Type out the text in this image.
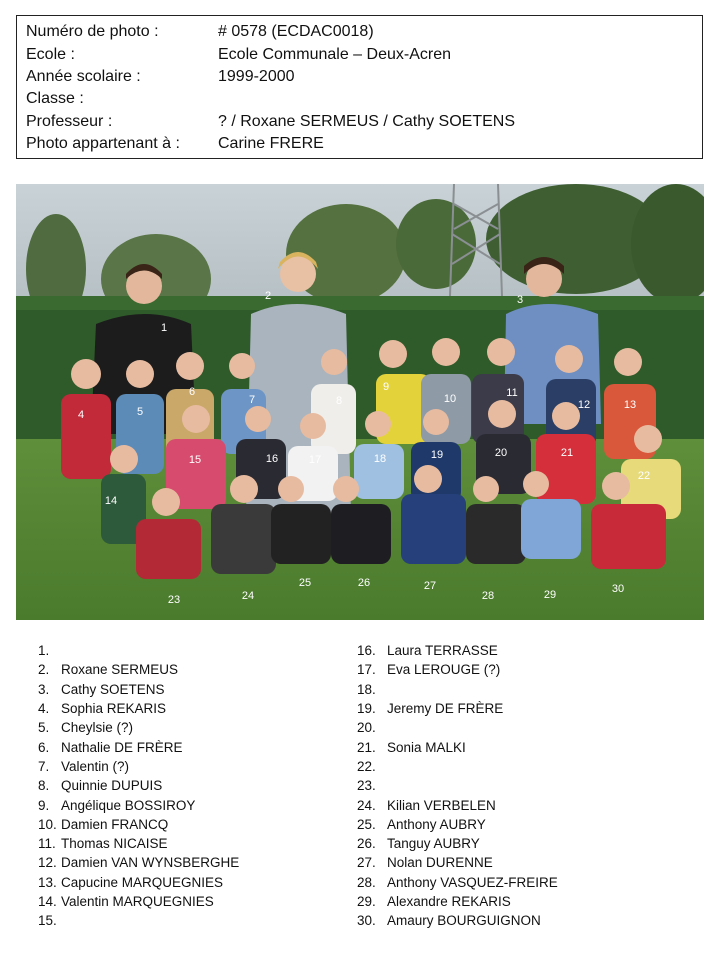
Numéro de photo :	# 0578 (ECDAC0018)
Ecole :	Ecole Communale – Deux-Acren
Année scolaire :	1999-2000
Classe :
Professeur :	? / Roxane SERMEUS / Cathy SOETENS
Photo appartenant à :	Carine FRERE
1
2	3
4	5
6
7	8
9
10	11
12	13
14
15	16	17	18	19	20	21
22
23	24
25	26	27
28	29	30
1.
2. Roxane SERMEUS
3. Cathy SOETENS
4. Sophia REKARIS
5. Cheylsie (?)
6. Nathalie DE FRÈRE
7. Valentin (?)
8. Quinnie DUPUIS
9. Angélique BOSSIROY
10. Damien FRANCQ
11. Thomas NICAISE
12. Damien VAN WYNSBERGHE
13. Capucine MARQUEGNIES
14. Valentin MARQUEGNIES
15.
16. Laura TERRASSE
17. Eva LEROUGE (?)
18.
19. Jeremy DE FRÈRE
20.
21. Sonia MALKI
22.
23.
24. Kilian VERBELEN
25. Anthony AUBRY
26. Tanguy AUBRY
27. Nolan DURENNE
28. Anthony VASQUEZ-FREIRE
29. Alexandre REKARIS
30. Amaury BOURGUIGNON
